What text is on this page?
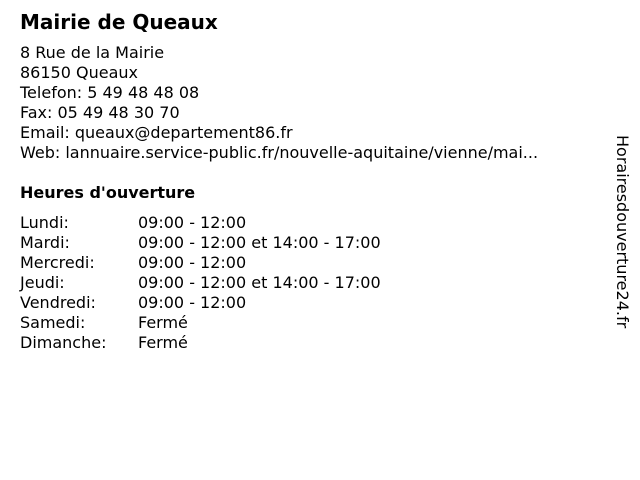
Mairie de Queaux
8 Rue de la Mairie
86150 Queaux
Telefon: 5 49 48 48 08
Fax: 05 49 48 30 70
Email: queaux@departement86.fr
Web: lannuaire.service-public.fr/nouvelle-aquitaine/vienne/mai...
Heures d'ouverture
Lundi:	09:00 - 12:00
Mardi:	09:00 - 12:00 et 14:00 - 17:00
Mercredi:	09:00 - 12:00
Jeudi:	09:00 - 12:00 et 14:00 - 17:00
Vendredi:	09:00 - 12:00
Samedi:	Fermé
Dimanche: Fermé
Horairesdouverture24.fr
